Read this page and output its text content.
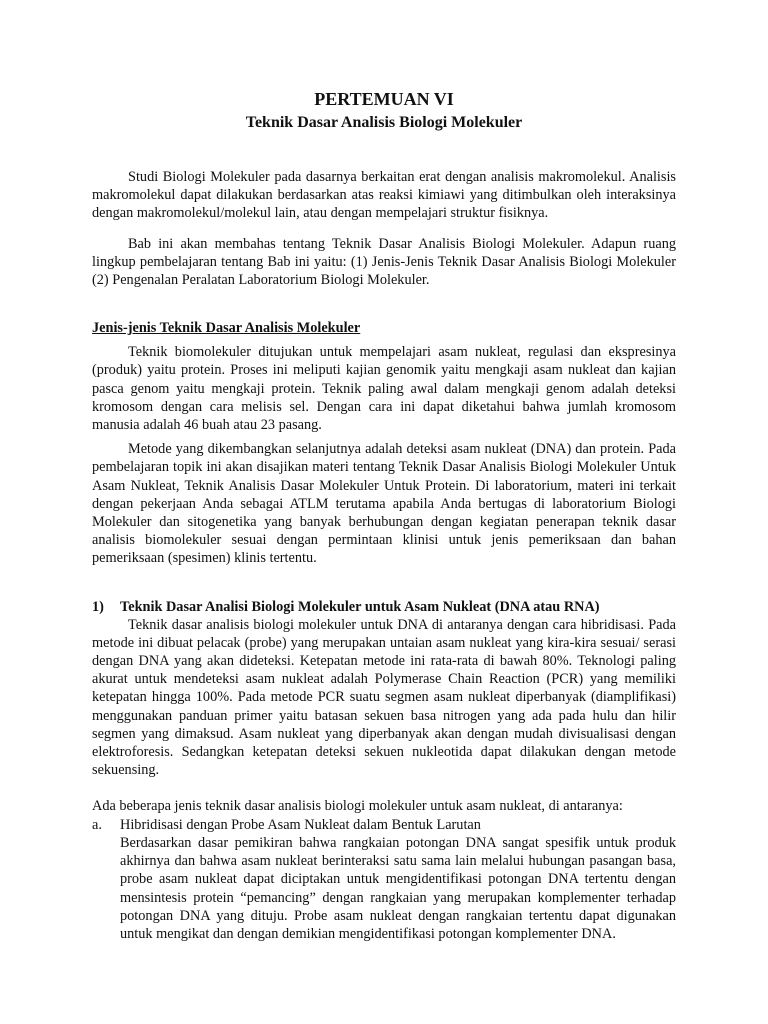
PERTEMUAN VI
Teknik Dasar Analisis Biologi Molekuler

Studi Biologi Molekuler pada dasarnya berkaitan erat dengan analisis makromolekul. Analisis makromolekul dapat dilakukan berdasarkan atas reaksi kimiawi yang ditimbulkan oleh interaksinya dengan makromolekul/molekul lain, atau dengan mempelajari struktur fisiknya.

Bab ini akan membahas tentang Teknik Dasar Analisis Biologi Molekuler. Adapun ruang lingkup pembelajaran tentang Bab ini yaitu: (1) Jenis-Jenis Teknik Dasar Analisis Biologi Molekuler (2) Pengenalan Peralatan Laboratorium Biologi Molekuler.

Jenis-jenis Teknik Dasar Analisis Molekuler

Teknik biomolekuler ditujukan untuk mempelajari asam nukleat, regulasi dan ekspresinya (produk) yaitu protein. Proses ini meliputi kajian genomik yaitu mengkaji asam nukleat dan kajian pasca genom yaitu mengkaji protein. Teknik paling awal dalam mengkaji genom adalah deteksi kromosom dengan cara melisis sel. Dengan cara ini dapat diketahui bahwa jumlah kromosom manusia adalah 46 buah atau 23 pasang.

Metode yang dikembangkan selanjutnya adalah deteksi asam nukleat (DNA) dan protein. Pada pembelajaran topik ini akan disajikan materi tentang Teknik Dasar Analisis Biologi Molekuler Untuk Asam Nukleat, Teknik Analisis Dasar Molekuler Untuk Protein. Di laboratorium, materi ini terkait dengan pekerjaan Anda sebagai ATLM terutama apabila Anda bertugas di laboratorium Biologi Molekuler dan sitogenetika yang banyak berhubungan dengan kegiatan penerapan teknik dasar analisis biomolekuler sesuai dengan permintaan klinisi untuk jenis pemeriksaan dan bahan pemeriksaan (spesimen) klinis tertentu.

1)	Teknik Dasar Analisi Biologi Molekuler untuk Asam Nukleat (DNA atau RNA)

Teknik dasar analisis biologi molekuler untuk DNA di antaranya dengan cara hibridisasi. Pada metode ini dibuat pelacak (probe) yang merupakan untaian asam nukleat yang kira-kira sesuai/ serasi dengan DNA yang akan dideteksi. Ketepatan metode ini rata-rata di bawah 80%. Teknologi paling akurat untuk mendeteksi asam nukleat adalah Polymerase Chain Reaction (PCR) yang memiliki ketepatan hingga 100%. Pada metode PCR suatu segmen asam nukleat diperbanyak (diamplifikasi) menggunakan panduan primer yaitu batasan sekuen basa nitrogen yang ada pada hulu dan hilir segmen yang dimaksud. Asam nukleat yang diperbanyak akan dengan mudah divisualisasi dengan elektroforesis. Sedangkan ketepatan deteksi sekuen nukleotida dapat dilakukan dengan metode sekuensing.

Ada beberapa jenis teknik dasar analisis biologi molekuler untuk asam nukleat, di antaranya:

a.	Hibridisasi dengan Probe Asam Nukleat dalam Bentuk Larutan

Berdasarkan dasar pemikiran bahwa rangkaian potongan DNA sangat spesifik untuk produk akhirnya dan bahwa asam nukleat berinteraksi satu sama lain melalui hubungan pasangan basa, probe asam nukleat dapat diciptakan untuk mengidentifikasi potongan DNA tertentu dengan mensintesis protein “pemancing” dengan rangkaian yang merupakan komplementer terhadap potongan DNA yang dituju. Probe asam nukleat dengan rangkaian tertentu dapat digunakan untuk mengikat dan dengan demikian mengidentifikasi potongan komplementer DNA.
